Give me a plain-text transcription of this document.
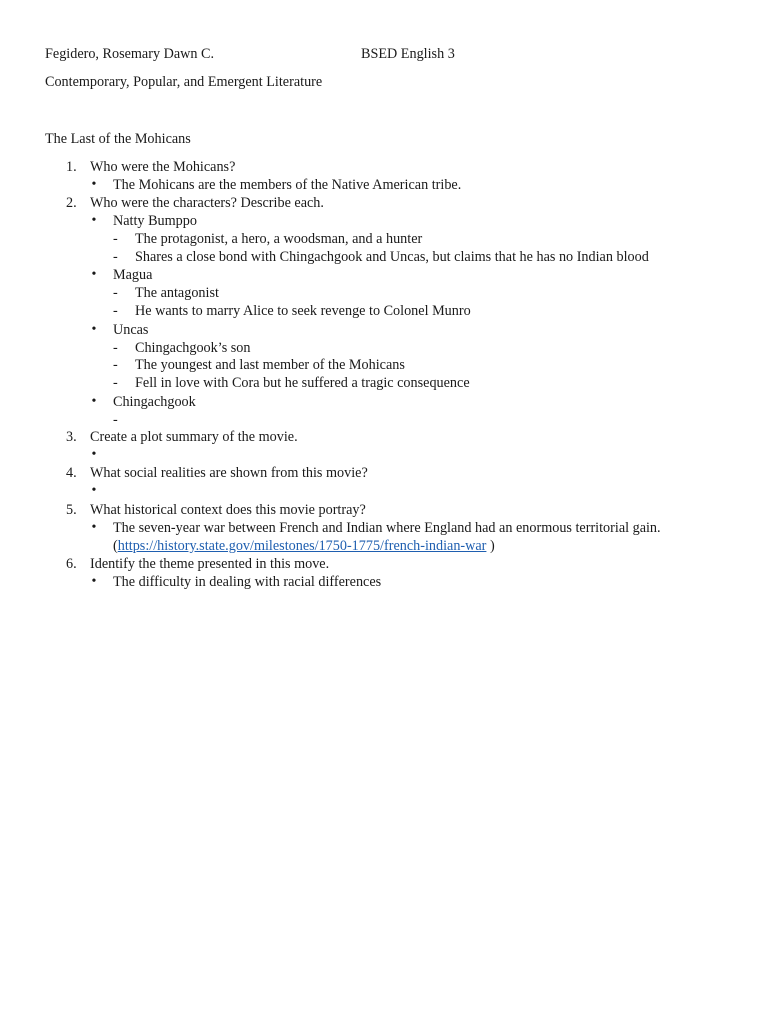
Fegidero, Rosemary Dawn C.	BSED English 3
Contemporary, Popular, and Emergent Literature
The Last of the Mohicans
1. Who were the Mohicans?
• The Mohicans are the members of the Native American tribe.
2. Who were the characters? Describe each.
• Natty Bumppo
- The protagonist, a hero, a woodsman, and a hunter
- Shares a close bond with Chingachgook and Uncas, but claims that he has no Indian blood
• Magua
- The antagonist
- He wants to marry Alice to seek revenge to Colonel Munro
• Uncas
- Chingachgook’s son
- The youngest and last member of the Mohicans
- Fell in love with Cora but he suffered a tragic consequence
• Chingachgook
-
3. Create a plot summary of the movie.
•
4. What social realities are shown from this movie?
•
5. What historical context does this movie portray?
• The seven-year war between French and Indian where England had an enormous territorial gain.
(https://history.state.gov/milestones/1750-1775/french-indian-war )
6. Identify the theme presented in this move.
• The difficulty in dealing with racial differences
